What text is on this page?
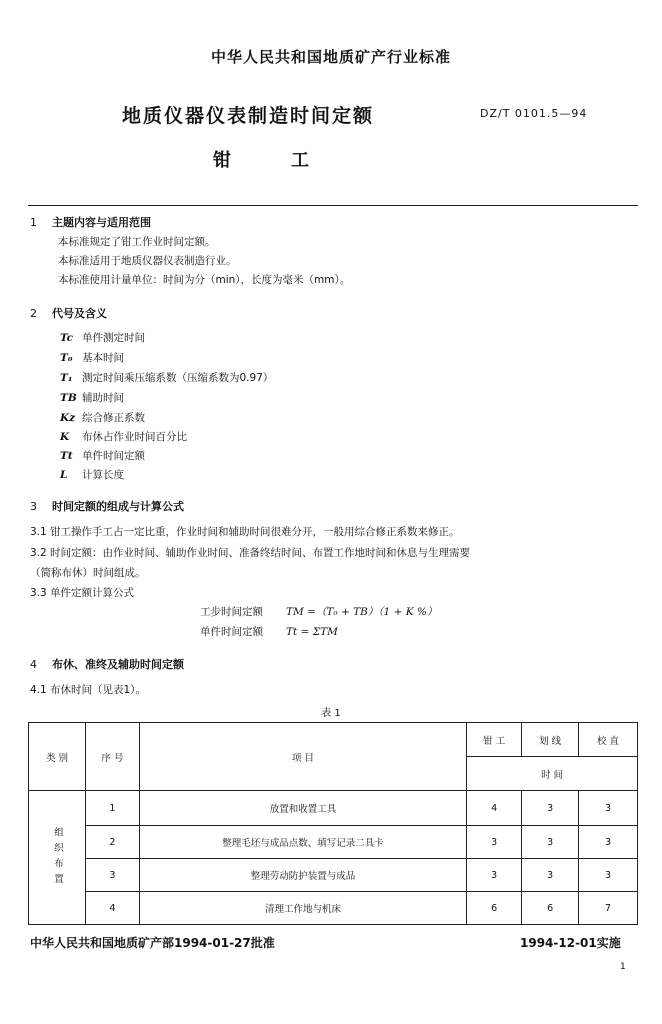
中华人民共和国地质矿产行业标准
地质仪器仪表制造时间定额	DZ/T 0101.5—94
钳工
1 主题内容与适用范围
本标准规定了钳工作业时间定额。
本标准适用于地质仪器仪表制造行业。
本标准使用计量单位：时间为分（min），长度为毫米（mm）。
2 代号及含义
Tc 单件测定时间
T₀ 基本时间
T₁ 测定时间乘压缩系数（压缩系数为0.97）
TB 辅助时间
Kz 综合修正系数
K 布休占作业时间百分比
Tt 单件时间定额
L 计算长度
3 时间定额的组成与计算公式
3.1 钳工操作手工占一定比重，作业时间和辅助时间很难分开，一般用综合修正系数来修正。
3.2 时间定额：由作业时间、辅助作业时间、准备终结时间、布置工作地时间和休息与生理需要
（简称布休）时间组成。
3.3 单件定额计算公式
工步时间定额 TM =（T₀ + TB）（1 + K %）
单件时间定额 Tt = ΣTM
4 布休、准终及辅助时间定额
4.1 布休时间（见表1）。
表 1
类 别	序 号	项 目	钳 工	划 线	校 直
			时 间		
组织布置	1	放置和收置工具	4	3	3
	2	整理毛坯与成品点数、填写记录二具卡	3	3	3
	3	整理劳动防护装置与成品	3	3	3
	4	清理工作地与机床	6	6	7
中华人民共和国地质矿产部1994-01-27批准	1994-12-01实施
1
